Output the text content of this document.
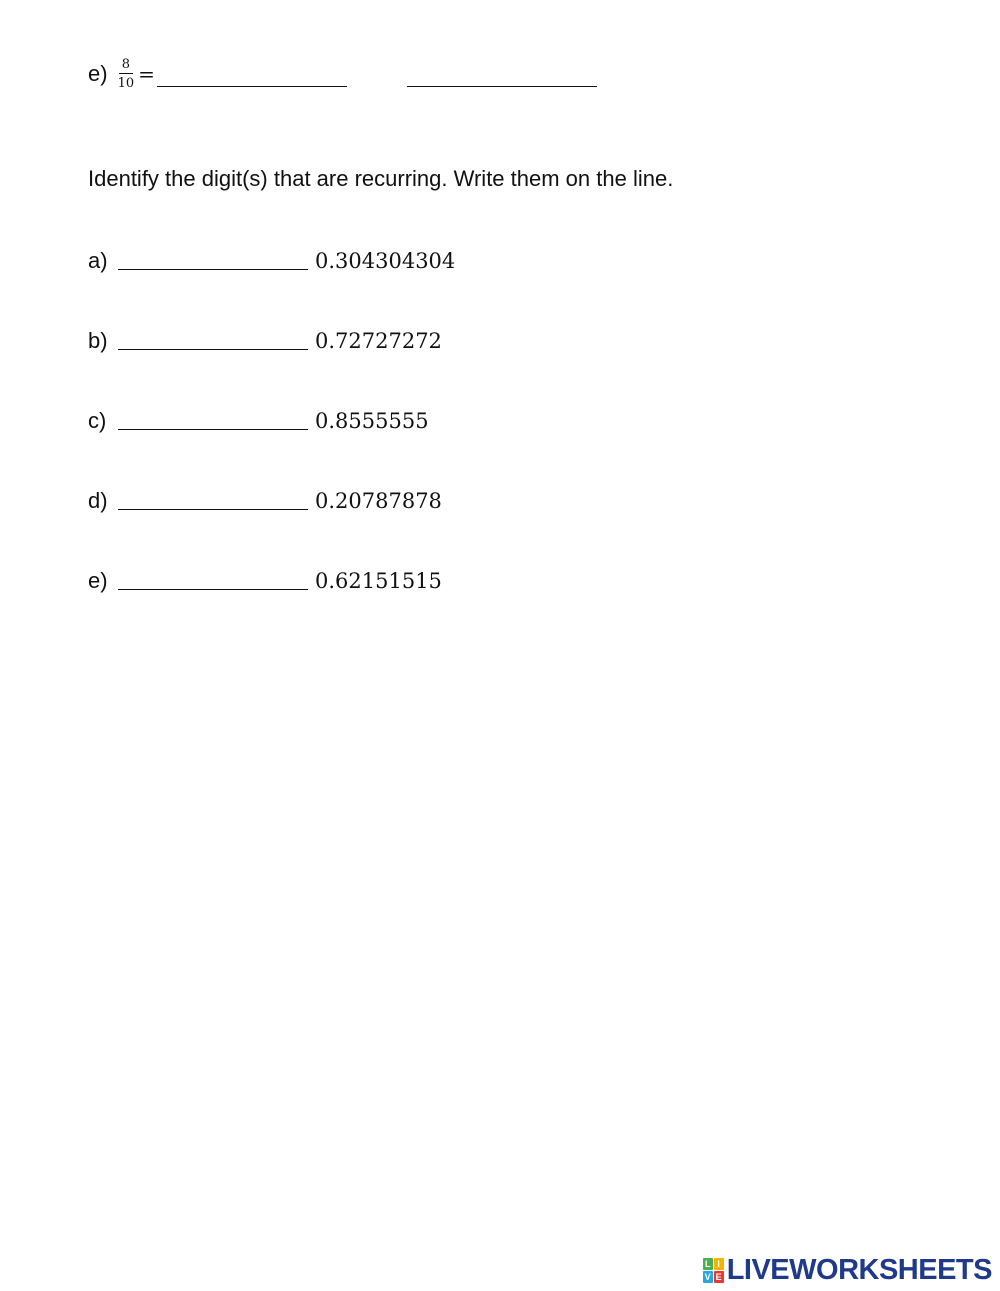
$e) \frac{8}{10}$ =
Identify the digit(s) that are recurring. Write them on the line.
a)	0.304304304
b)	0.72727272
c)	0.8555555
d)	0.20787878
e)	0.62151515
L I
V E LIVEWORKSHEETS
